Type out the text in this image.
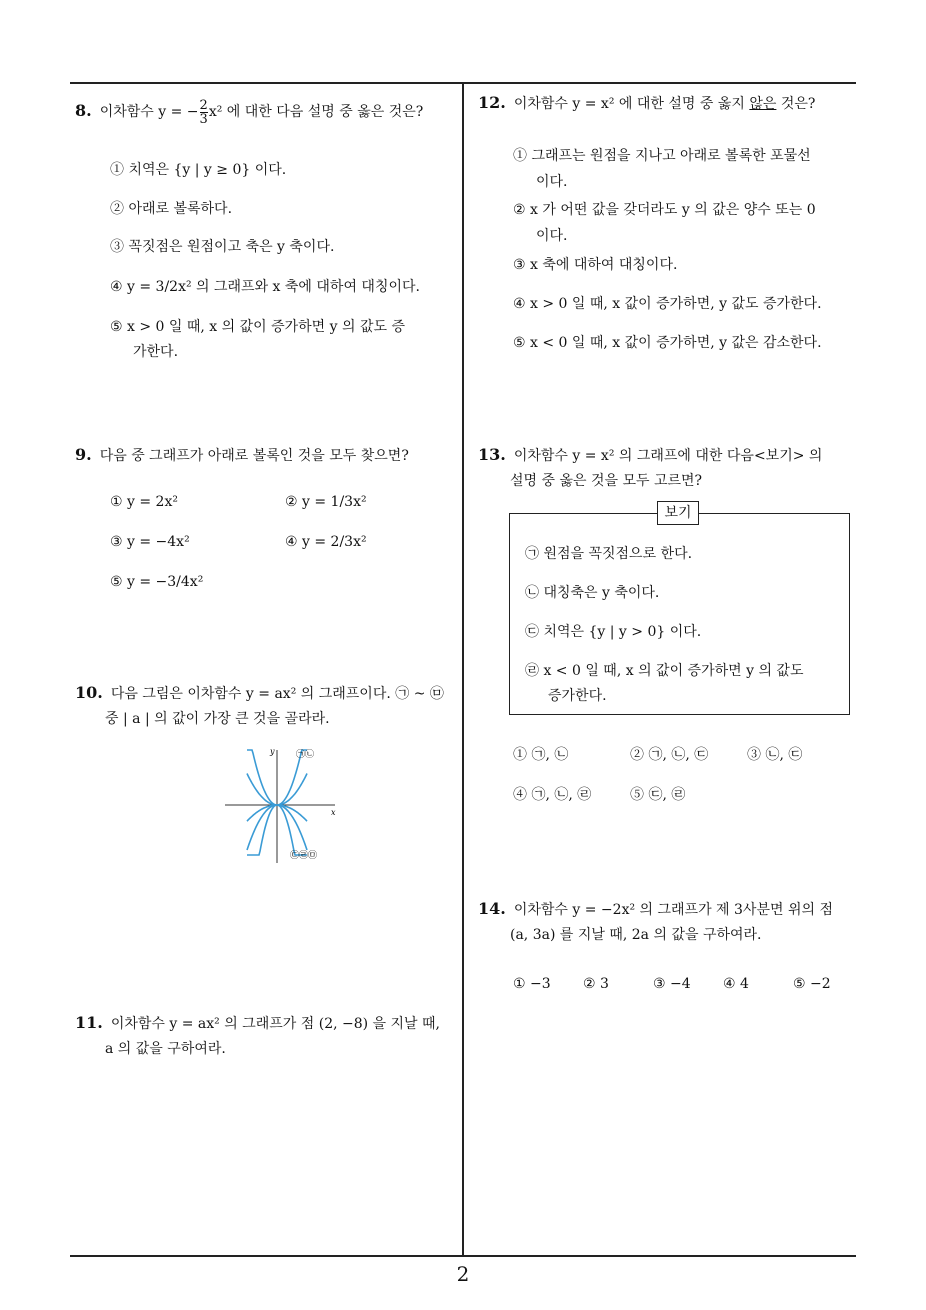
2
8. 이차함수 y = − $\frac{2}{3} x^2$ 에 대한 다음 설명 중 옳은 것은?
① 치역은 {y | y ≥ 0} 이다.
② 아래로 볼록하다.
③ 꼭짓점은 원점이고 축은 y 축이다.
④ y = 3/2x² 의 그래프와 x 축에 대하여 대칭이다.
⑤ x > 0 일 때, x 의 값이 증가하면 y 의 값도 증
가한다.
9. 다음 중 그래프가 아래로 볼록인 것을 모두 찾으면?
① y = 2x²	② y = 1/3x²
③ y = −4x²	④ y = 2/3x²
⑤ y = −3/4x²
10. 다음 그림은 이차함수 y = ax² 의 그래프이다. ㉠ ~ ㉤
중 | a | 의 값이 가장 큰 것을 골라라.
y
x
㉠㉡
㉢㉣㉤
11. 이차함수 y = ax² 의 그래프가 점 (2, −8) 을 지날 때,
a 의 값을 구하여라.
12. 이차함수 y = x² 에 대한 설명 중 옳지 않은 것은?
① 그래프는 원점을 지나고 아래로 볼록한 포물선
이다.
② x 가 어떤 값을 갖더라도 y 의 값은 양수 또는 0
이다.
③ x 축에 대하여 대칭이다.
④ x > 0 일 때, x 값이 증가하면, y 값도 증가한다.
⑤ x < 0 일 때, x 값이 증가하면, y 값은 감소한다.
13. 이차함수 y = x² 의 그래프에 대한 다음<보기> 의
설명 중 옳은 것을 모두 고르면?
보기
㉠ 원점을 꼭짓점으로 한다.
㉡ 대칭축은 y 축이다.
㉢ 치역은 {y | y > 0} 이다.
㉣ x < 0 일 때, x 의 값이 증가하면 y 의 값도
증가한다.
① ㉠, ㉡	② ㉠, ㉡, ㉢	③ ㉡, ㉢
④ ㉠, ㉡, ㉣	⑤ ㉢, ㉣
14. 이차함수 y = −2x² 의 그래프가 제 3사분면 위의 점
(a, 3a) 를 지날 때, 2a 의 값을 구하여라.
① −3 ② 3	③ −4 ④ 4	⑤ −2
